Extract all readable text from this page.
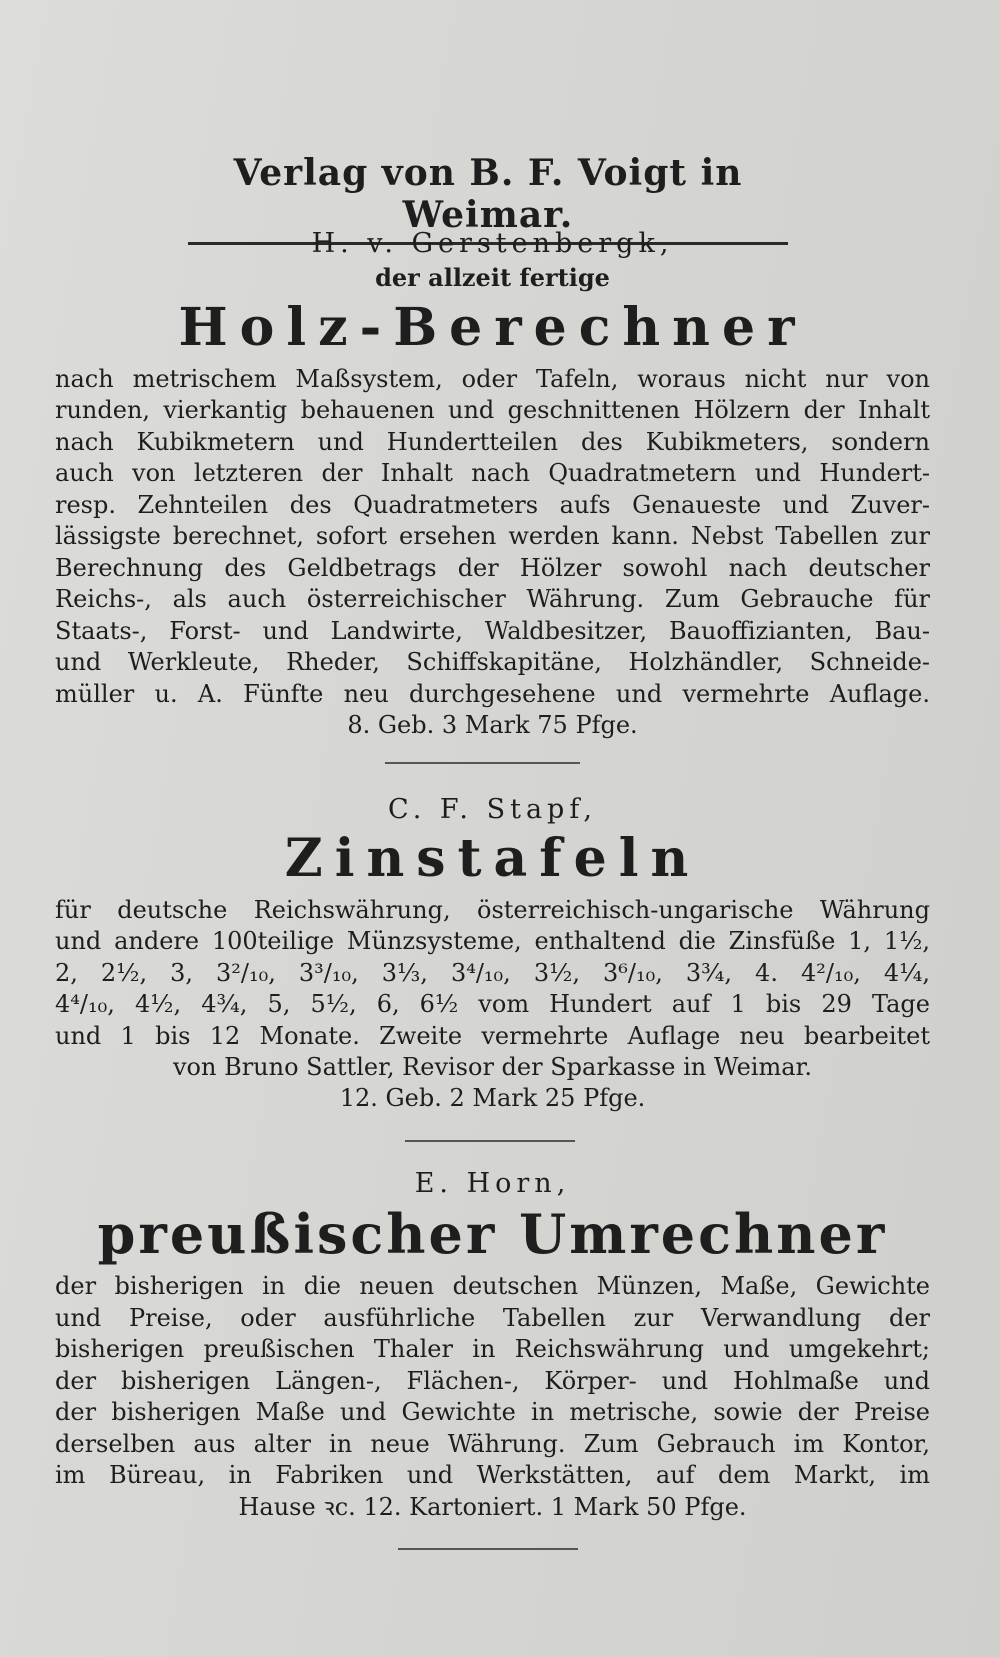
Verlag von B. F. Voigt in Weimar.
H. v. Gerstenbergk,
der allzeit fertige
Holz-Berechner

nach metrischem Maßsystem, oder Tafeln, woraus nicht nur von
runden, vierkantig behauenen und geschnittenen Hölzern der Inhalt
nach Kubikmetern und Hundertteilen des Kubikmeters, sondern
auch von letzteren der Inhalt nach Quadratmetern und Hundert-
resp. Zehnteilen des Quadratmeters aufs Genaueste und Zuver-
lässigste berechnet, sofort ersehen werden kann. Nebst Tabellen zur
Berechnung des Geldbetrags der Hölzer sowohl nach deutscher
Reichs-, als auch österreichischer Währung. Zum Gebrauche für
Staats-, Forst- und Landwirte, Waldbesitzer, Bauoffizianten, Bau-
und Werkleute, Rheder, Schiffskapitäne, Holzhändler, Schneide-
müller u. A. Fünfte neu durchgesehene und vermehrte Auflage.

8. Geb. 3 Mark 75 Pfge.
C. F. Stapf,
Zinstafeln

für deutsche Reichswährung, österreichisch-ungarische Währung
und andere 100teilige Münzsysteme, enthaltend die Zinsfüße 1, 1½,
2, 2½, 3, 3²/₁₀, 3³/₁₀, 3⅓, 3⁴/₁₀, 3½, 3⁶/₁₀, 3¾, 4. 4²/₁₀, 4¼,
4⁴/₁₀, 4½, 4¾, 5, 5½, 6, 6½ vom Hundert auf 1 bis 29 Tage
und 1 bis 12 Monate. Zweite vermehrte Auflage neu bearbeitet

von Bruno Sattler, Revisor der Sparkasse in Weimar.
12. Geb. 2 Mark 25 Pfge.
E. Horn,
preußischer Umrechner

der bisherigen in die neuen deutschen Münzen, Maße, Gewichte
und Preise, oder ausführliche Tabellen zur Verwandlung der
bisherigen preußischen Thaler in Reichswährung und umgekehrt;
der bisherigen Längen-, Flächen-, Körper- und Hohlmaße und
der bisherigen Maße und Gewichte in metrische, sowie der Preise
derselben aus alter in neue Währung. Zum Gebrauch im Kontor,
im Büreau, in Fabriken und Werkstätten, auf dem Markt, im

Hause ꝛc. 12. Kartoniert. 1 Mark 50 Pfge.
